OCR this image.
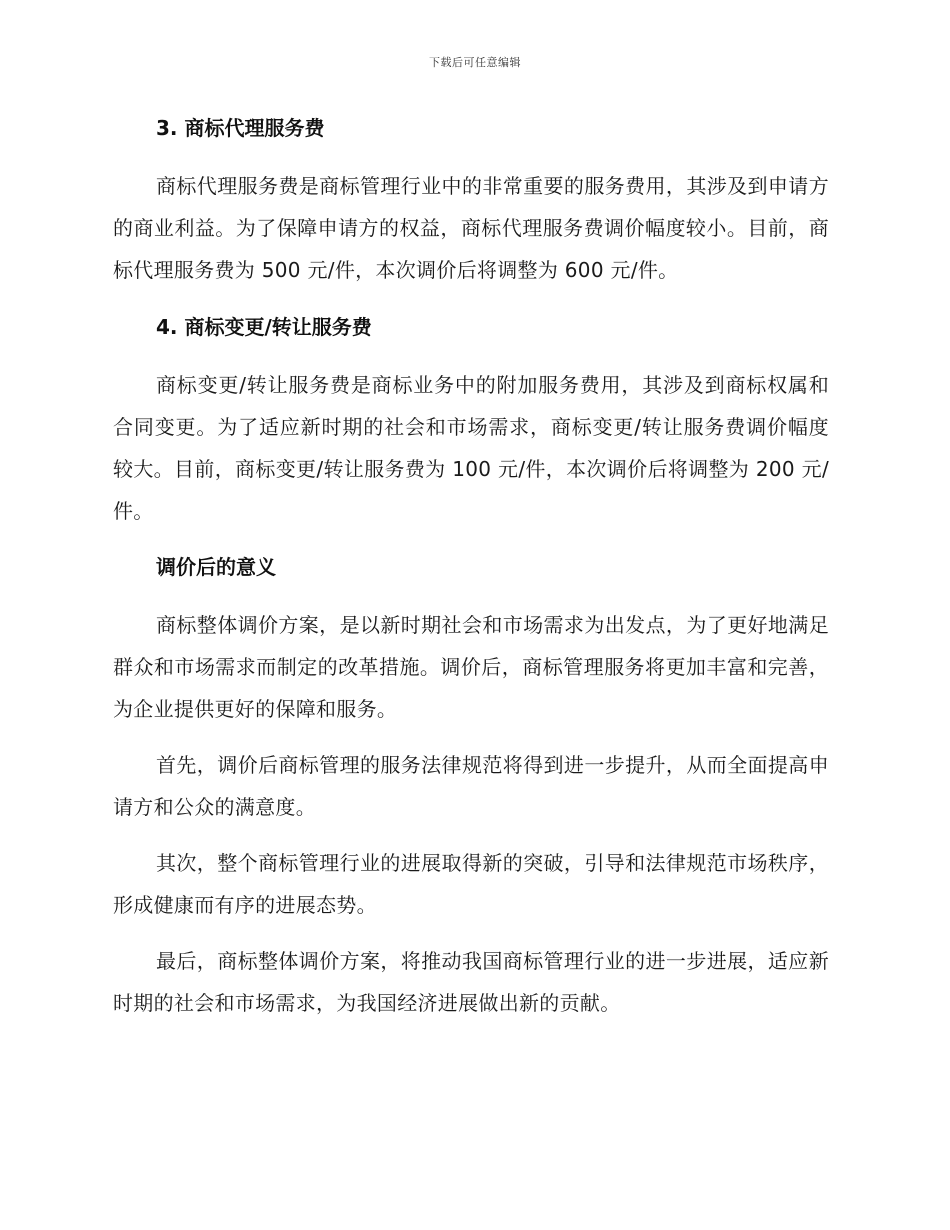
下载后可任意编辑
3. 商标代理服务费

商标代理服务费是商标管理行业中的非常重要的服务费用，其涉及到申请方的商业利益。为了保障申请方的权益，商标代理服务费调价幅度较小。目前，商标代理服务费为 500 元/件，本次调价后将调整为 600 元/件。

4. 商标变更/转让服务费

商标变更/转让服务费是商标业务中的附加服务费用，其涉及到商标权属和合同变更。为了适应新时期的社会和市场需求，商标变更/转让服务费调价幅度较大。目前，商标变更/转让服务费为 100 元/件，本次调价后将调整为 200 元/件。

调价后的意义

商标整体调价方案，是以新时期社会和市场需求为出发点，为了更好地满足群众和市场需求而制定的改革措施。调价后，商标管理服务将更加丰富和完善，为企业提供更好的保障和服务。

首先，调价后商标管理的服务法律规范将得到进一步提升，从而全面提高申请方和公众的满意度。

其次，整个商标管理行业的进展取得新的突破，引导和法律规范市场秩序，形成健康而有序的进展态势。

最后，商标整体调价方案，将推动我国商标管理行业的进一步进展，适应新时期的社会和市场需求，为我国经济进展做出新的贡献。
